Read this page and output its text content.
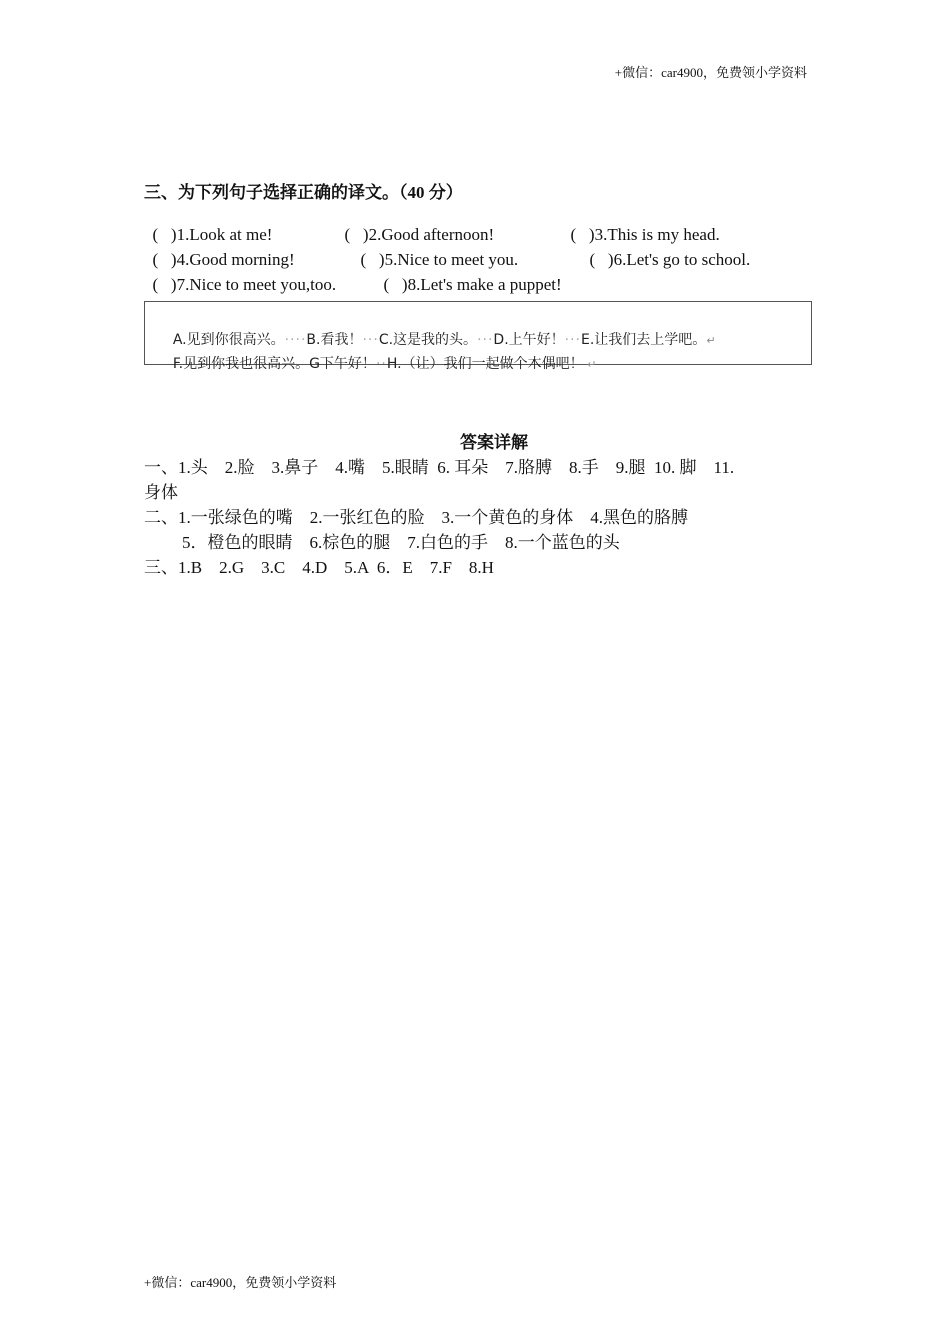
+微信：car4900，免费领小学资料
三、为下列句子选择正确的译文。（40 分）

(   )1.Look at me!	(   )2.Good afternoon!	(   )3.This is my head.

(   )4.Good morning!	(   )5.Nice to meet you.	(   )6.Let's go to school.

(   )7.Nice to meet you,too.	(   )8.Let's make a puppet!

A.见到你很高兴。····B.看我！···C.这是我的头。···D.上午好！···E.让我们去上学吧。↵

F.见到你我也很高兴。G下午好！··H.（让）我们一起做个木偶吧！ ↵

答案详解
一、1.头    2.脸    3.鼻子    4.嘴    5.眼睛  6. 耳朵    7.胳膊    8.手    9.腿  10. 脚    11.
身体
二、1.一张绿色的嘴    2.一张红色的脸    3.一个黄色的身体    4.黑色的胳膊
5．橙色的眼睛    6.棕色的腿    7.白色的手    8.一个蓝色的头
三、1.B    2.G    3.C    4.D    5.A  6．E    7.F    8.H
+微信：car4900，免费领小学资料
